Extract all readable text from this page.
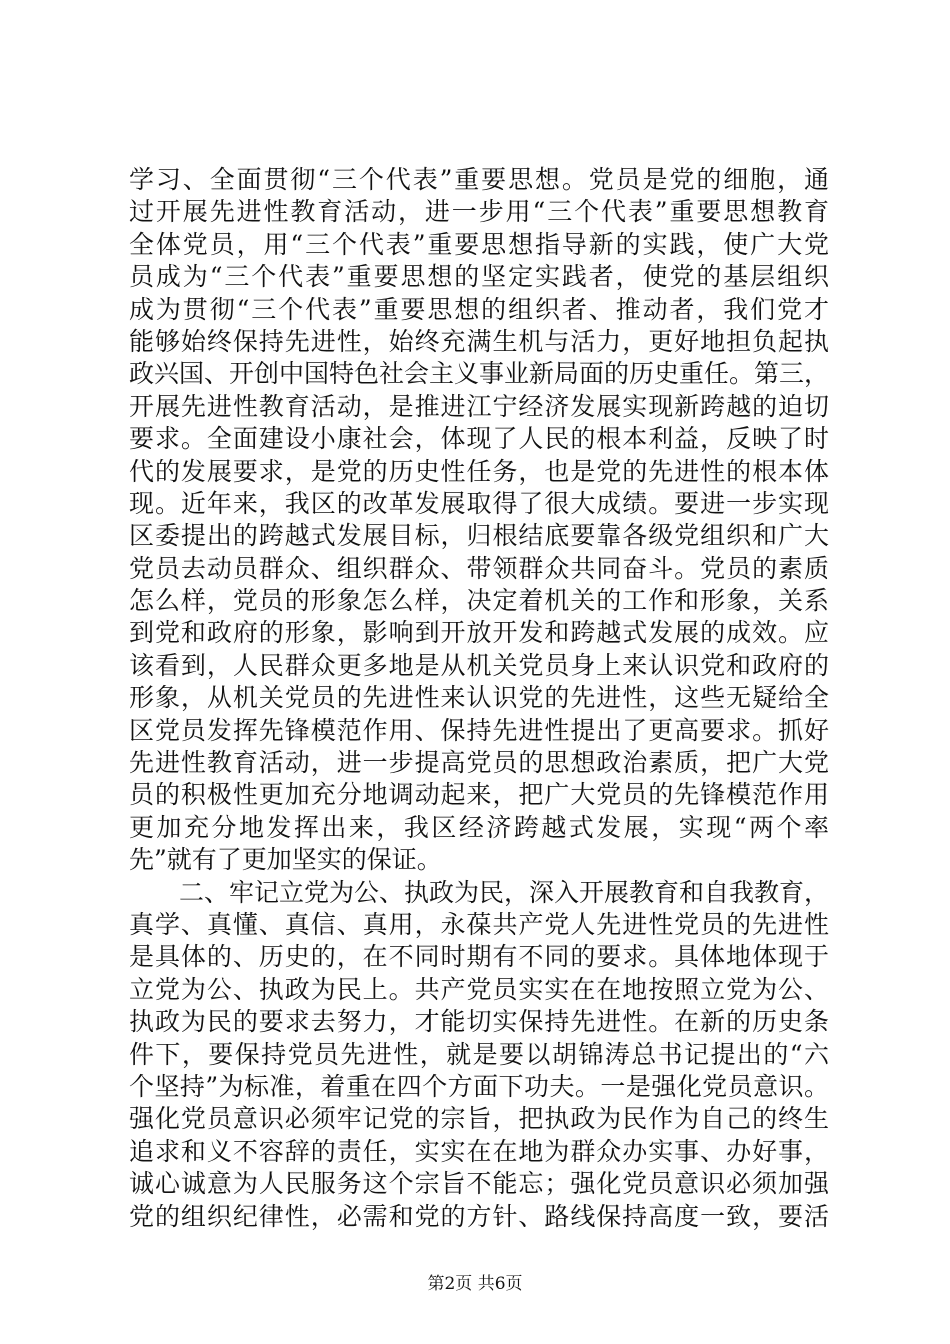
学习、全面贯彻“三个代表”重要思想。党员是党的细胞，通
过开展先进性教育活动，进一步用“三个代表”重要思想教育
全体党员，用“三个代表”重要思想指导新的实践，使广大党
员成为“三个代表”重要思想的坚定实践者，使党的基层组织
成为贯彻“三个代表”重要思想的组织者、推动者，我们党才
能够始终保持先进性，始终充满生机与活力，更好地担负起执
政兴国、开创中国特色社会主义事业新局面的历史重任。第三，
开展先进性教育活动，是推进江宁经济发展实现新跨越的迫切
要求。全面建设小康社会，体现了人民的根本利益，反映了时
代的发展要求，是党的历史性任务，也是党的先进性的根本体
现。近年来，我区的改革发展取得了很大成绩。要进一步实现
区委提出的跨越式发展目标，归根结底要靠各级党组织和广大
党员去动员群众、组织群众、带领群众共同奋斗。党员的素质
怎么样，党员的形象怎么样，决定着机关的工作和形象，关系
到党和政府的形象，影响到开放开发和跨越式发展的成效。应
该看到，人民群众更多地是从机关党员身上来认识党和政府的
形象，从机关党员的先进性来认识党的先进性，这些无疑给全
区党员发挥先锋模范作用、保持先进性提出了更高要求。抓好
先进性教育活动，进一步提高党员的思想政治素质，把广大党
员的积极性更加充分地调动起来，把广大党员的先锋模范作用
更加充分地发挥出来，我区经济跨越式发展，实现“两个率
先”就有了更加坚实的保证。
　　二、牢记立党为公、执政为民，深入开展教育和自我教育，
真学、真懂、真信、真用，永葆共产党人先进性党员的先进性
是具体的、历史的，在不同时期有不同的要求。具体地体现于
立党为公、执政为民上。共产党员实实在在地按照立党为公、
执政为民的要求去努力，才能切实保持先进性。在新的历史条
件下，要保持党员先进性，就是要以胡锦涛总书记提出的“六
个坚持”为标准，着重在四个方面下功夫。一是强化党员意识。
强化党员意识必须牢记党的宗旨，把执政为民作为自己的终生
追求和义不容辞的责任，实实在在地为群众办实事、办好事，
诚心诚意为人民服务这个宗旨不能忘；强化党员意识必须加强
党的组织纪律性，必需和党的方针、路线保持高度一致，要活
第2页 共6页
